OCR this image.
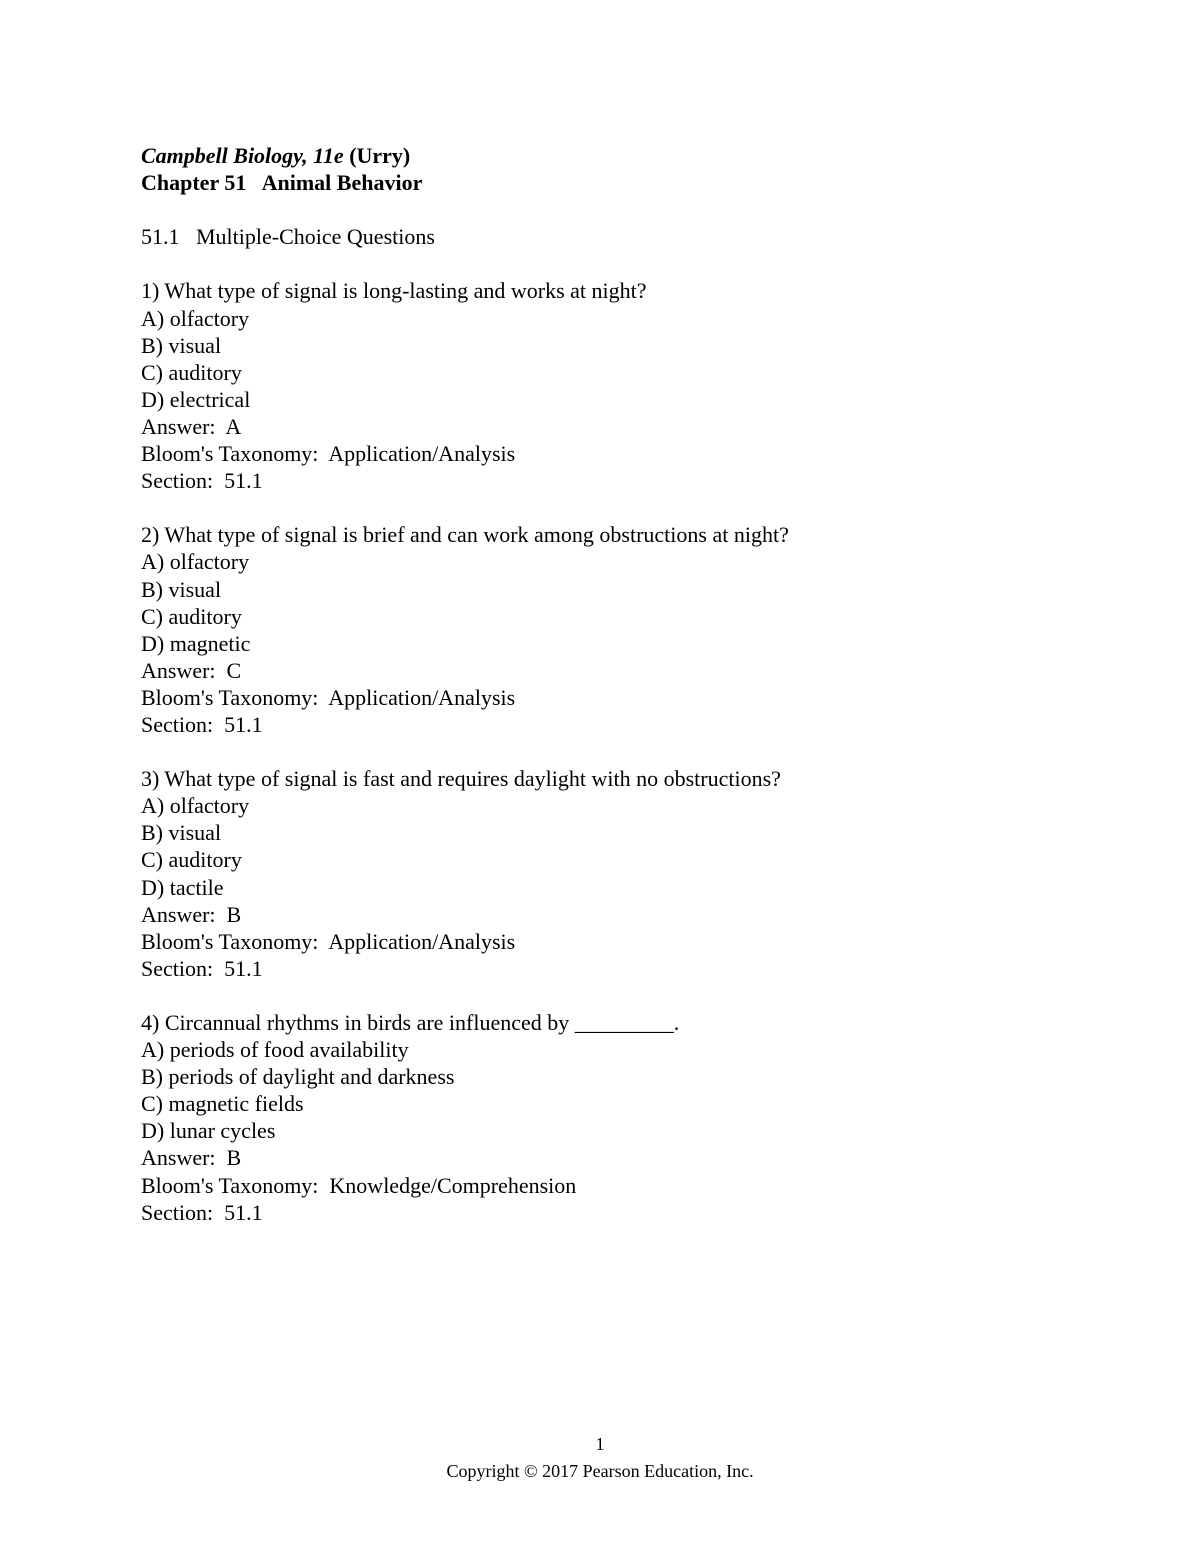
Campbell Biology, 11e (Urry)
Chapter 51   Animal Behavior
51.1   Multiple-Choice Questions
1) What type of signal is long-lasting and works at night?
A) olfactory
B) visual
C) auditory
D) electrical
Answer:  A
Bloom's Taxonomy:  Application/Analysis
Section:  51.1
2) What type of signal is brief and can work among obstructions at night?
A) olfactory
B) visual
C) auditory
D) magnetic
Answer:  C
Bloom's Taxonomy:  Application/Analysis
Section:  51.1
3) What type of signal is fast and requires daylight with no obstructions?
A) olfactory
B) visual
C) auditory
D) tactile
Answer:  B
Bloom's Taxonomy:  Application/Analysis
Section:  51.1
4) Circannual rhythms in birds are influenced by _________.
A) periods of food availability
B) periods of daylight and darkness
C) magnetic fields
D) lunar cycles
Answer:  B
Bloom's Taxonomy:  Knowledge/Comprehension
Section:  51.1
1
Copyright © 2017 Pearson Education, Inc.
